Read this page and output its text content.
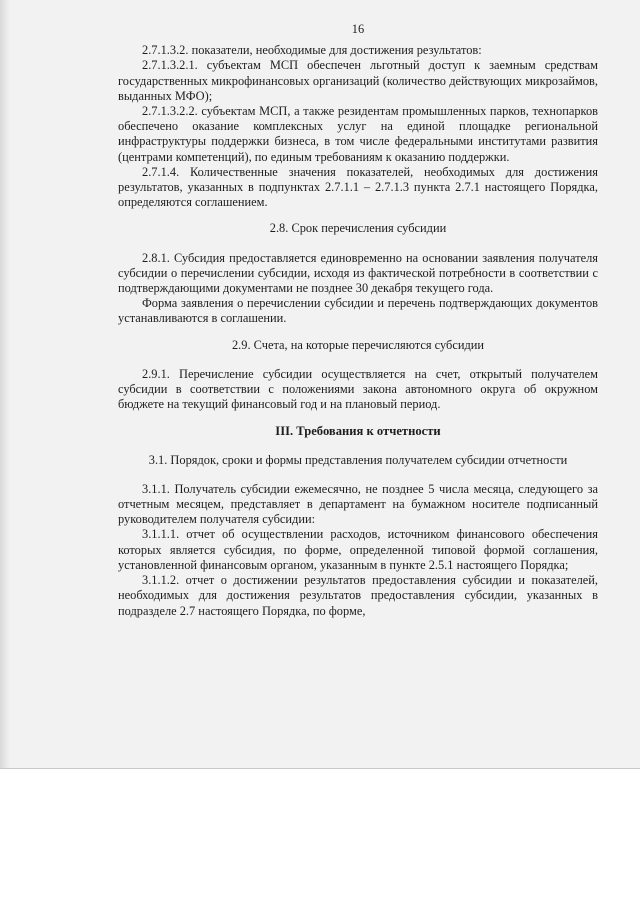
16

2.7.1.3.2. показатели, необходимые для достижения результатов:

2.7.1.3.2.1. субъектам МСП обеспечен льготный доступ к заемным средствам государственных микрофинансовых организаций (количество действующих микрозаймов, выданных МФО);

2.7.1.3.2.2. субъектам МСП, а также резидентам промышленных парков, технопарков обеспечено оказание комплексных услуг на единой площадке региональной инфраструктуры поддержки бизнеса, в том числе федеральными институтами развития (центрами компетенций), по единым требованиям к оказанию поддержки.

2.7.1.4. Количественные значения показателей, необходимых для достижения результатов, указанных в подпунктах 2.7.1.1 – 2.7.1.3 пункта 2.7.1 настоящего Порядка, определяются соглашением.

2.8. Срок перечисления субсидии

2.8.1. Субсидия предоставляется единовременно на основании заявления получателя субсидии о перечислении субсидии, исходя из фактической потребности в соответствии с подтверждающими документами не позднее 30 декабря текущего года.

Форма заявления о перечислении субсидии и перечень подтверждающих документов устанавливаются в соглашении.

2.9. Счета, на которые перечисляются субсидии

2.9.1. Перечисление субсидии осуществляется на счет, открытый получателем субсидии в соответствии с положениями закона автономного округа об окружном бюджете на текущий финансовый год и на плановый период.

III. Требования к отчетности
3.1. Порядок, сроки и формы представления получателем субсидии отчетности

3.1.1. Получатель субсидии ежемесячно, не позднее 5 числа месяца, следующего за отчетным месяцем, представляет в департамент на бумажном носителе подписанный руководителем получателя субсидии:

3.1.1.1. отчет об осуществлении расходов, источником финансового обеспечения которых является субсидия, по форме, определенной типовой формой соглашения, установленной финансовым органом, указанным в пункте 2.5.1 настоящего Порядка;

3.1.1.2. отчет о достижении результатов предоставления субсидии и показателей, необходимых для достижения результатов предоставления субсидии, указанных в подразделе 2.7 настоящего Порядка, по форме,
